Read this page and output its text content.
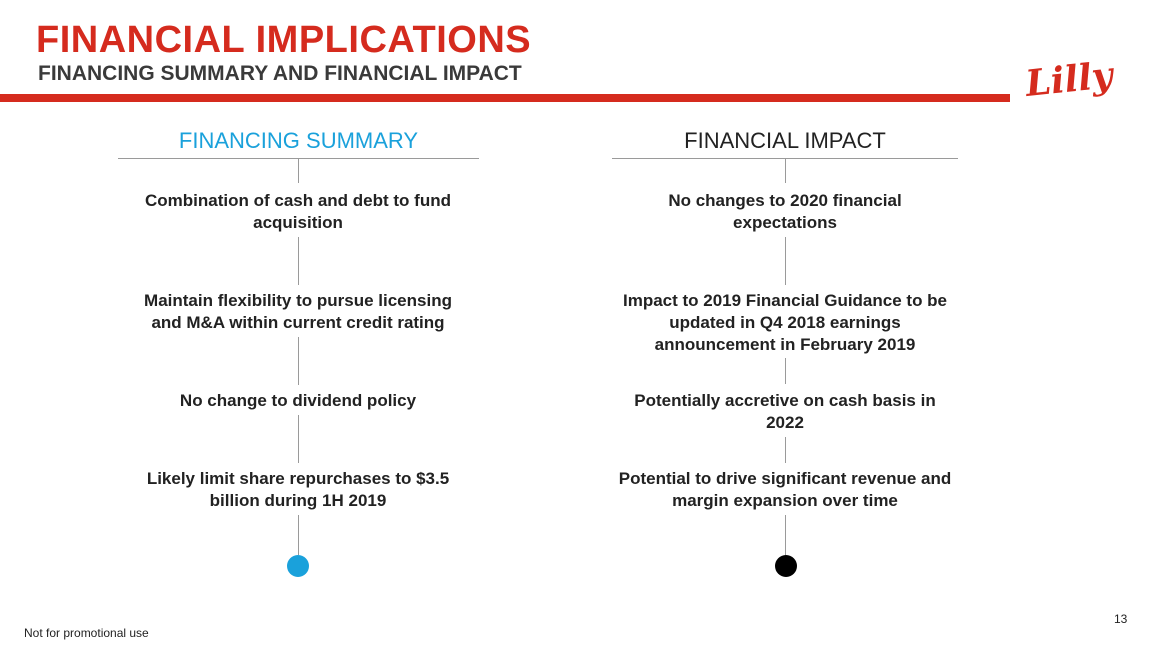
FINANCIAL IMPLICATIONS
FINANCING SUMMARY AND FINANCIAL IMPACT	Lilly
FINANCING SUMMARY	FINANCIAL IMPACT
Combination of cash and debt to fund acquisition
Maintain flexibility to pursue licensing and M&A within current credit rating
No change to dividend policy
Likely limit share repurchases to $3.5 billion during 1H 2019
No changes to 2020 financial expectations
Impact to 2019 Financial Guidance to be updated in Q4 2018 earnings announcement in February 2019
Potentially accretive on cash basis in 2022
Potential to drive significant revenue and margin expansion over time
Not for promotional use
13
